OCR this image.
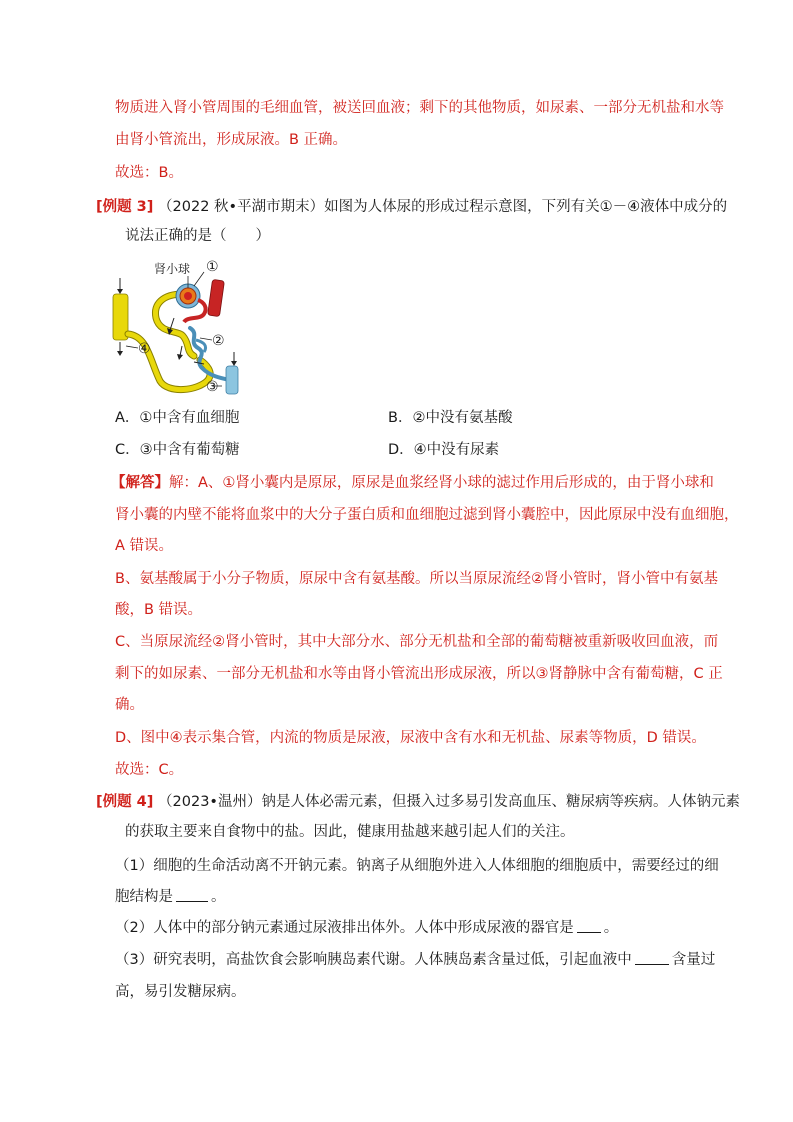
物质进入肾小管周围的毛细血管，被送回血液；剩下的其他物质，如尿素、一部分无机盐和水等
由肾小管流出，形成尿液。B 正确。
故选：B。
[例题 3] （2022 秋•平湖市期末）如图为人体尿的形成过程示意图，下列有关①－④液体中成分的
说法正确的是（　　）
肾小球 ①
②
③
④
A．①中含有血细胞	B．②中没有氨基酸
C．③中含有葡萄糖	D．④中没有尿素
【解答】解：A、①肾小囊内是原尿，原尿是血浆经肾小球的滤过作用后形成的，由于肾小球和
肾小囊的内壁不能将血浆中的大分子蛋白质和血细胞过滤到肾小囊腔中，因此原尿中没有血细胞，
A 错误。
B、氨基酸属于小分子物质，原尿中含有氨基酸。所以当原尿流经②肾小管时，肾小管中有氨基
酸，B 错误。
C、当原尿流经②肾小管时，其中大部分水、部分无机盐和全部的葡萄糖被重新吸收回血液，而
剩下的如尿素、一部分无机盐和水等由肾小管流出形成尿液，所以③肾静脉中含有葡萄糖，C 正
确。
D、图中④表示集合管，内流的物质是尿液，尿液中含有水和无机盐、尿素等物质，D 错误。
故选：C。
[例题 4] （2023•温州）钠是人体必需元素，但摄入过多易引发高血压、糖尿病等疾病。人体钠元素
的获取主要来自食物中的盐。因此，健康用盐越来越引起人们的关注。
（1）细胞的生命活动离不开钠元素。钠离子从细胞外进入人体细胞的细胞质中，需要经过的细
胞结构是	。
（2）人体中的部分钠元素通过尿液排出体外。人体中形成尿液的器官是 。
（3）研究表明，高盐饮食会影响胰岛素代谢。人体胰岛素含量过低，引起血液中	含量过
高，易引发糖尿病。
